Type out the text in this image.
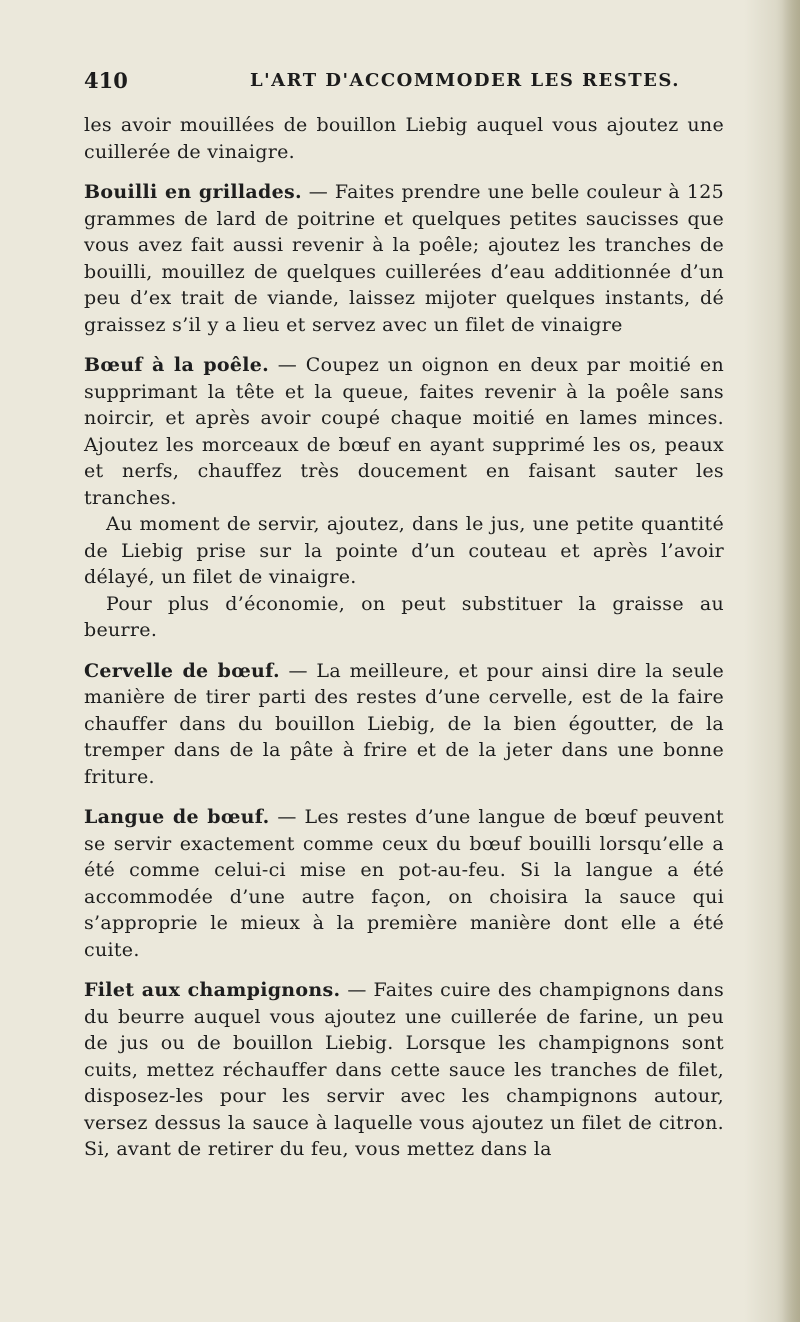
410	L'ART D'ACCOMMODER LES RESTES.

les avoir mouillées de bouillon Liebig auquel vous ajoutez une cuillerée de vinaigre.

Bouilli en grillades. — Faites prendre une belle couleur à 125 grammes de lard de poitrine et quelques petites saucisses que vous avez fait aussi revenir à la poêle; ajoutez les tranches de bouilli, mouillez de quelques cuillerées d’eau additionnée d’un peu d’ex trait de viande, laissez mijoter quelques instants, dé graissez s’il y a lieu et servez avec un filet de vinaigre

Bœuf à la poêle. — Coupez un oignon en deux par moitié en supprimant la tête et la queue, faites revenir à la poêle sans noircir, et après avoir coupé chaque moitié en lames minces. Ajoutez les morceaux de bœuf en ayant supprimé les os, peaux et nerfs, chauffez très doucement en faisant sauter les tranches.

Au moment de servir, ajoutez, dans le jus, une petite quantité de Liebig prise sur la pointe d’un couteau et après l’avoir délayé, un filet de vinaigre.

Pour plus d’économie, on peut substituer la graisse au beurre.

Cervelle de bœuf. — La meilleure, et pour ainsi dire la seule manière de tirer parti des restes d’une cervelle, est de la faire chauffer dans du bouillon Liebig, de la bien égoutter, de la tremper dans de la pâte à frire et de la jeter dans une bonne friture.

Langue de bœuf. — Les restes d’une langue de bœuf peuvent se servir exactement comme ceux du bœuf bouilli lorsqu’elle a été comme celui-ci mise en pot-au-feu. Si la langue a été accommodée d’une autre façon, on choisira la sauce qui s’approprie le mieux à la première manière dont elle a été cuite.

Filet aux champignons. — Faites cuire des champignons dans du beurre auquel vous ajoutez une cuillerée de farine, un peu de jus ou de bouillon Liebig. Lorsque les champignons sont cuits, mettez réchauffer dans cette sauce les tranches de filet, disposez-les pour les servir avec les champignons autour, versez dessus la sauce à laquelle vous ajoutez un filet de citron. Si, avant de retirer du feu, vous mettez dans la
